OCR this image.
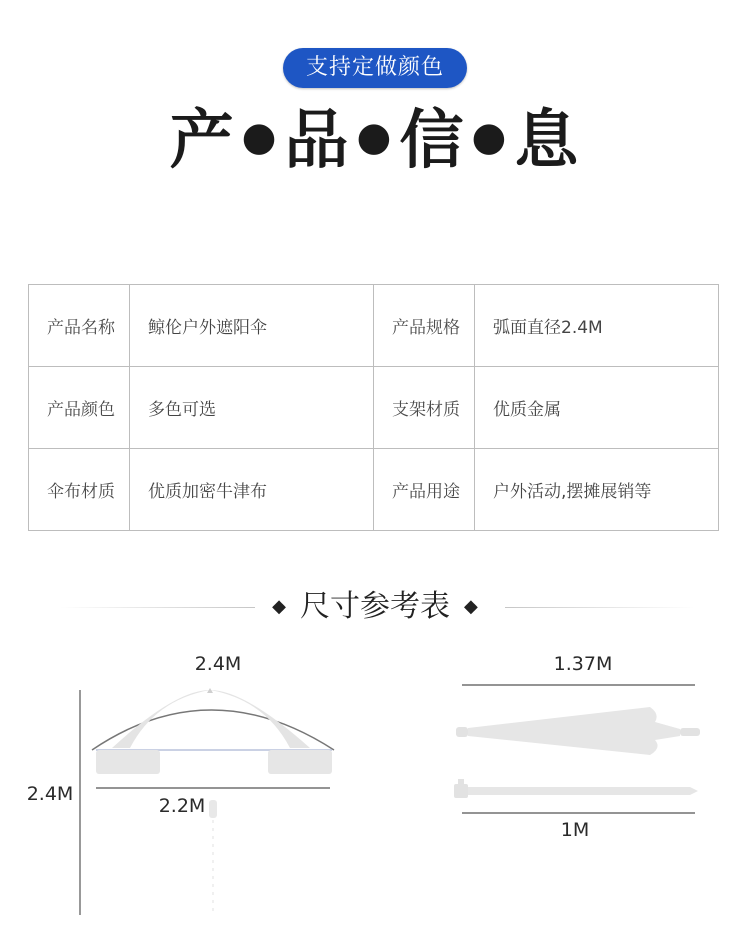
支持定做颜色
产 ●品 ●信 ●息
产品名称	鲸伦户外遮阳伞	产品规格	弧面直径2.4M
产品颜色	多色可选	支架材质	优质金属
伞布材质	优质加密牛津布	产品用途	户外活动,摆摊展销等
◆ 尺寸参考表 ◆
2.4M
2.4M
2.2M
1.37M
1M
